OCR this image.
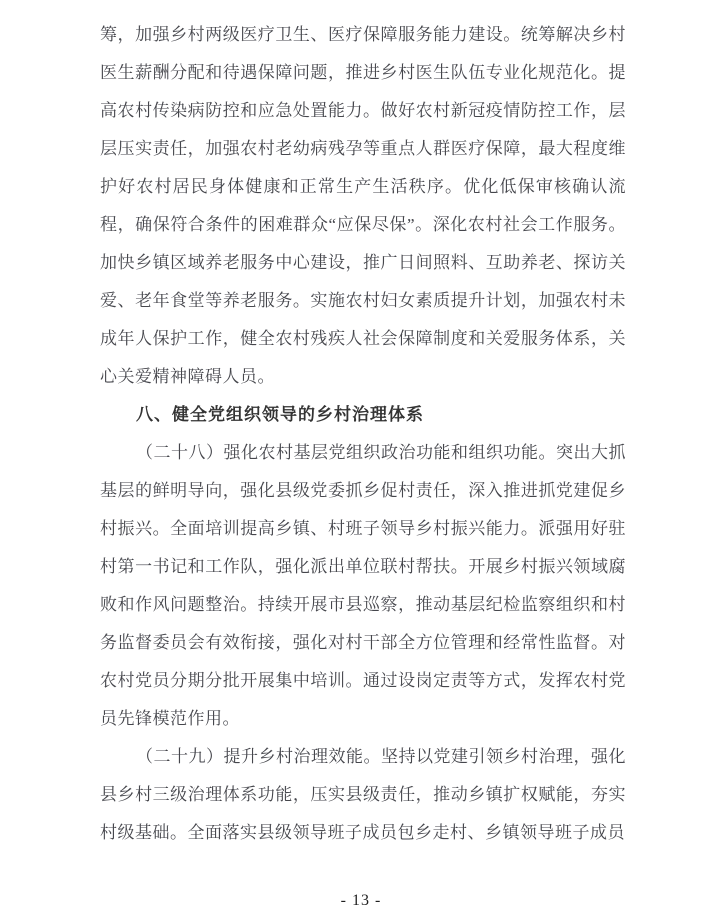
筹，加强乡村两级医疗卫生、医疗保障服务能力建设。统筹解决乡村医生薪酬分配和待遇保障问题，推进乡村医生队伍专业化规范化。提高农村传染病防控和应急处置能力。做好农村新冠疫情防控工作，层层压实责任，加强农村老幼病残孕等重点人群医疗保障，最大程度维护好农村居民身体健康和正常生产生活秩序。优化低保审核确认流程，确保符合条件的困难群众“应保尽保”。深化农村社会工作服务。加快乡镇区域养老服务中心建设，推广日间照料、互助养老、探访关爱、老年食堂等养老服务。实施农村妇女素质提升计划，加强农村未成年人保护工作，健全农村残疾人社会保障制度和关爱服务体系，关心关爱精神障碍人员。

八、健全党组织领导的乡村治理体系

（二十八）强化农村基层党组织政治功能和组织功能。突出大抓基层的鲜明导向，强化县级党委抓乡促村责任，深入推进抓党建促乡村振兴。全面培训提高乡镇、村班子领导乡村振兴能力。派强用好驻村第一书记和工作队，强化派出单位联村帮扶。开展乡村振兴领域腐败和作风问题整治。持续开展市县巡察，推动基层纪检监察组织和村务监督委员会有效衔接，强化对村干部全方位管理和经常性监督。对农村党员分期分批开展集中培训。通过设岗定责等方式，发挥农村党员先锋模范作用。

（二十九）提升乡村治理效能。坚持以党建引领乡村治理，强化县乡村三级治理体系功能，压实县级责任，推动乡镇扩权赋能，夯实村级基础。全面落实县级领导班子成员包乡走村、乡镇领导班子成员

- 13 -
